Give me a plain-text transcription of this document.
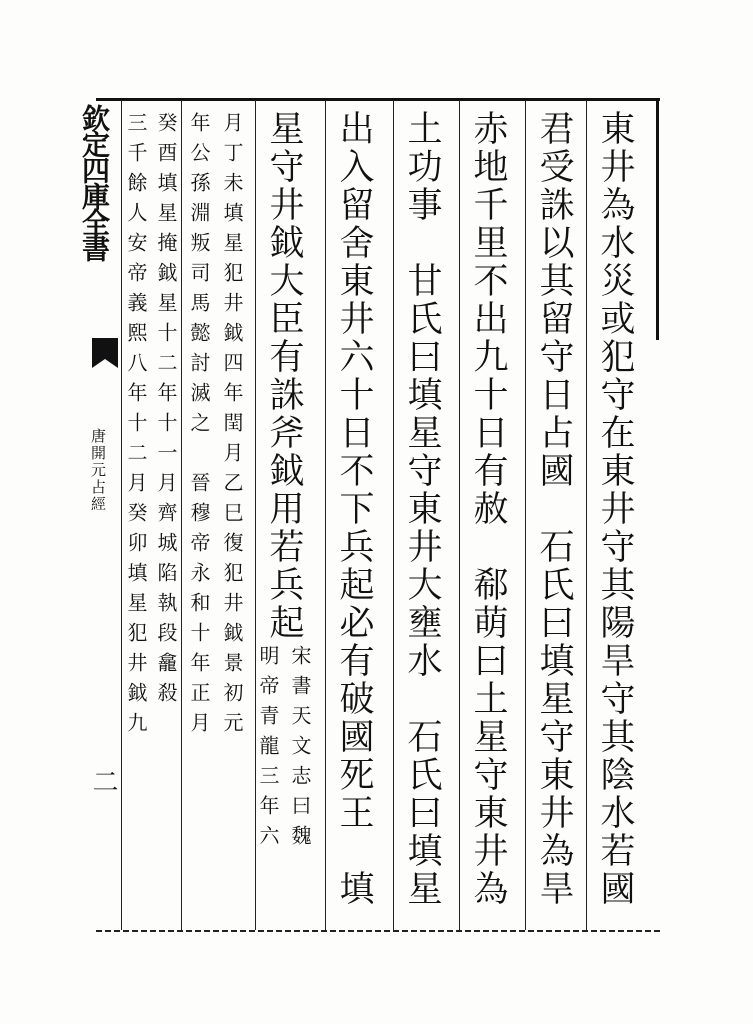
欽定四庫全書
唐開元占經
二	東井為水災或犯守在東井守其陽旱守其陰水若國
君受誅以其留守日占國　石氏曰填星守東井為旱
赤地千里不出九十日有赦　郗萌曰土星守東井為
土功事　甘氏曰填星守東井大壅水　石氏曰填星
出入留舍東井六十日不下兵起必有破國死王　填
星守井鉞大臣有誅斧鉞用若兵起
宋書天文志曰魏
明帝青龍三年六
月丁未填星犯井鉞四年閏月乙巳復犯井鉞景初元
年公孫淵叛司馬懿討滅之　晉穆帝永和十年正月
癸酉填星掩鉞星十二年十一月齊城陷執段龕殺
三千餘人安帝義熙八年十二月癸卯填星犯井鉞九
